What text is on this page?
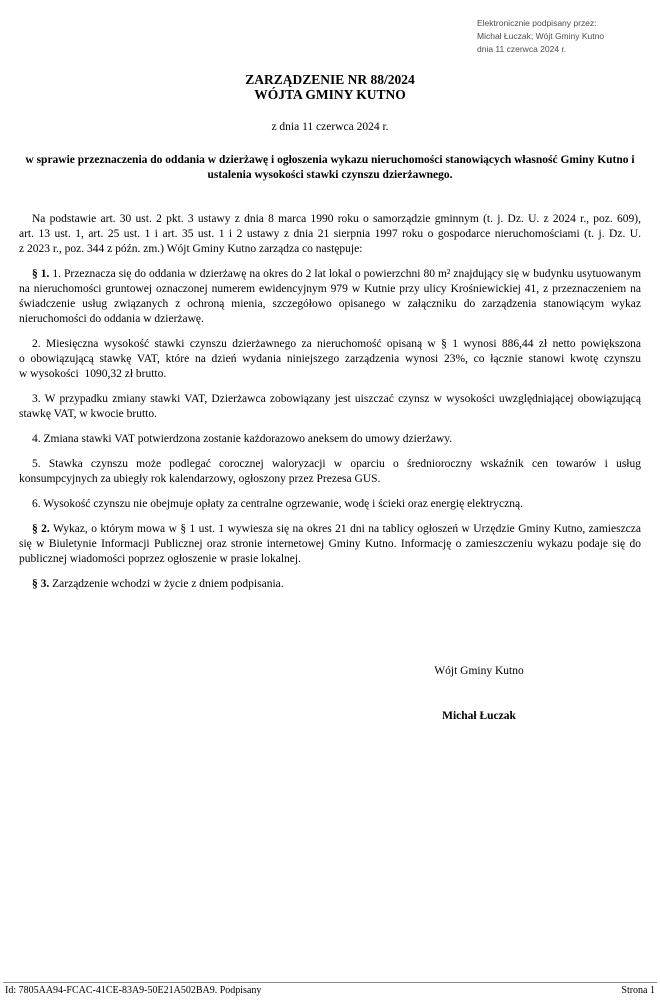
Elektronicznie podpisany przez:
Michał Łuczak; Wójt Gminy Kutno
dnia 11 czerwca 2024 r.
ZARZĄDZENIE NR 88/2024
WÓJTA GMINY KUTNO
z dnia 11 czerwca 2024 r.
w sprawie przeznaczenia do oddania w dzierżawę i ogłoszenia wykazu nieruchomości stanowiących własność Gminy Kutno i ustalenia wysokości stawki czynszu dzierżawnego.

Na podstawie art. 30 ust. 2 pkt. 3 ustawy z dnia 8 marca 1990 roku o samorządzie gminnym (t. j. Dz. U. z 2024 r., poz. 609), art. 13 ust. 1, art. 25 ust. 1 i art. 35 ust. 1 i 2 ustawy z dnia 21 sierpnia 1997 roku o gospodarce nieruchomościami (t. j. Dz. U. z 2023 r., poz. 344 z późn. zm.) Wójt Gminy Kutno zarządza co następuje:

§ 1. 1. Przeznacza się do oddania w dzierżawę na okres do 2 lat lokal o powierzchni 80 m² znajdujący się w budynku usytuowanym na nieruchomości gruntowej oznaczonej numerem ewidencyjnym 979 w Kutnie przy ulicy Krośniewickiej 41, z przeznaczeniem na świadczenie usług związanych z ochroną mienia, szczegółowo opisanego w załączniku do zarządzenia stanowiącym wykaz nieruchomości do oddania w dzierżawę.

2. Miesięczna wysokość stawki czynszu dzierżawnego za nieruchomość opisaną w § 1 wynosi 886,44 zł netto powiększona o obowiązującą stawkę VAT, które na dzień wydania niniejszego zarządzenia wynosi 23%, co łącznie stanowi kwotę czynszu w wysokości  1090,32 zł brutto.

3. W przypadku zmiany stawki VAT, Dzierżawca zobowiązany jest uiszczać czynsz w wysokości uwzględniającej obowiązującą stawkę VAT, w kwocie brutto.

4. Zmiana stawki VAT potwierdzona zostanie każdorazowo aneksem do umowy dzierżawy.

5. Stawka czynszu może podlegać corocznej waloryzacji w oparciu o średnioroczny wskaźnik cen towarów i usług konsumpcyjnych za ubiegły rok kalendarzowy, ogłoszony przez Prezesa GUS.

6. Wysokość czynszu nie obejmuje opłaty za centralne ogrzewanie, wodę i ścieki oraz energię elektryczną.

§ 2. Wykaz, o którym mowa w § 1 ust. 1 wywiesza się na okres 21 dni na tablicy ogłoszeń w Urzędzie Gminy Kutno, zamieszcza się w Biuletynie Informacji Publicznej oraz stronie internetowej Gminy Kutno. Informację o zamieszczeniu wykazu podaje się do publicznej wiadomości poprzez ogłoszenie w prasie lokalnej.

§ 3. Zarządzenie wchodzi w życie z dniem podpisania.

Wójt Gminy Kutno
Michał Łuczak
Id: 7805AA94-FCAC-41CE-83A9-50E21A502BA9. Podpisany	Strona 1
